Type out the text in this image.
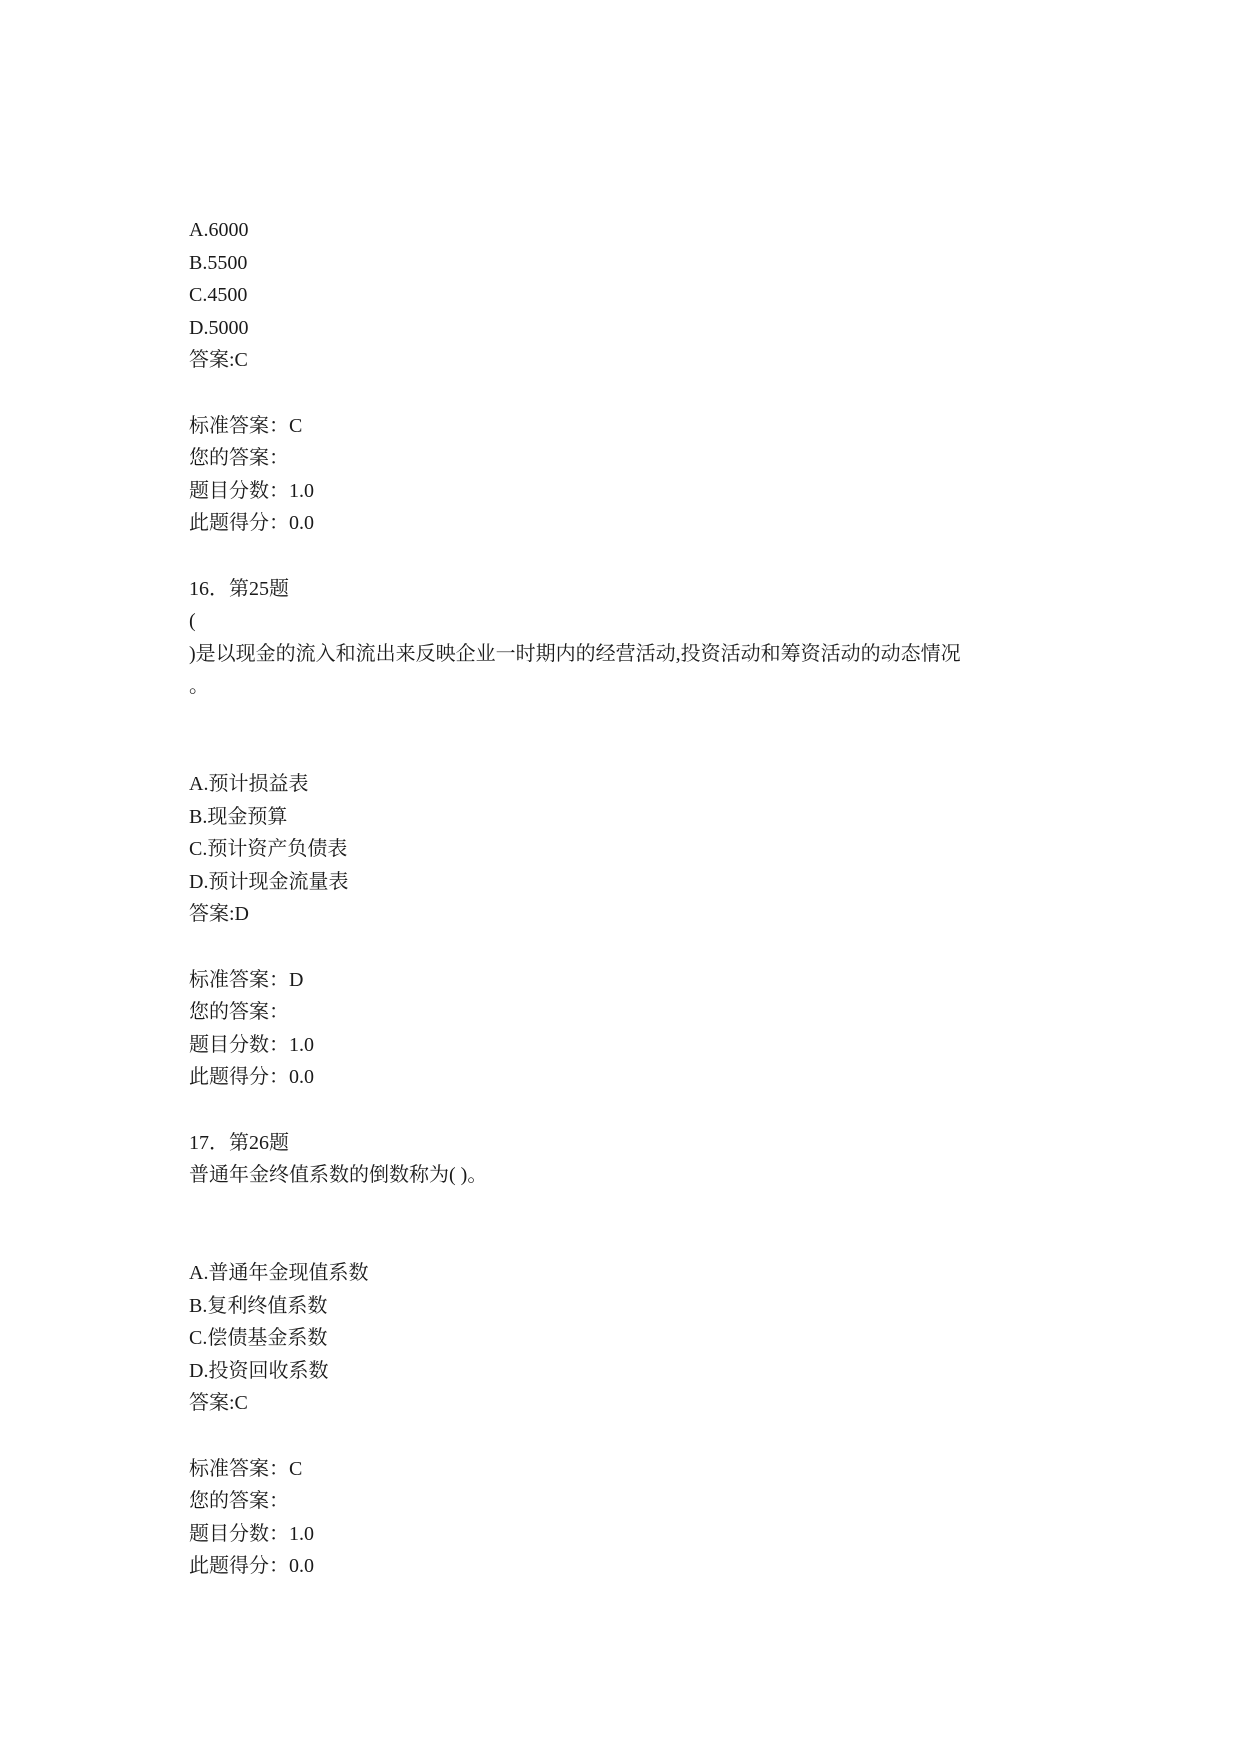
A.6000
B.5500
C.4500
D.5000
答案:C
标准答案：C
您的答案：
题目分数：1.0
此题得分：0.0
16．第25题
(
)是以现金的流入和流出来反映企业一时期内的经营活动,投资活动和筹资活动的动态情况
。
A.预计损益表
B.现金预算
C.预计资产负债表
D.预计现金流量表
答案:D
标准答案：D
您的答案：
题目分数：1.0
此题得分：0.0
17．第26题
普通年金终值系数的倒数称为( )。
A.普通年金现值系数
B.复利终值系数
C.偿债基金系数
D.投资回收系数
答案:C
标准答案：C
您的答案：
题目分数：1.0
此题得分：0.0
